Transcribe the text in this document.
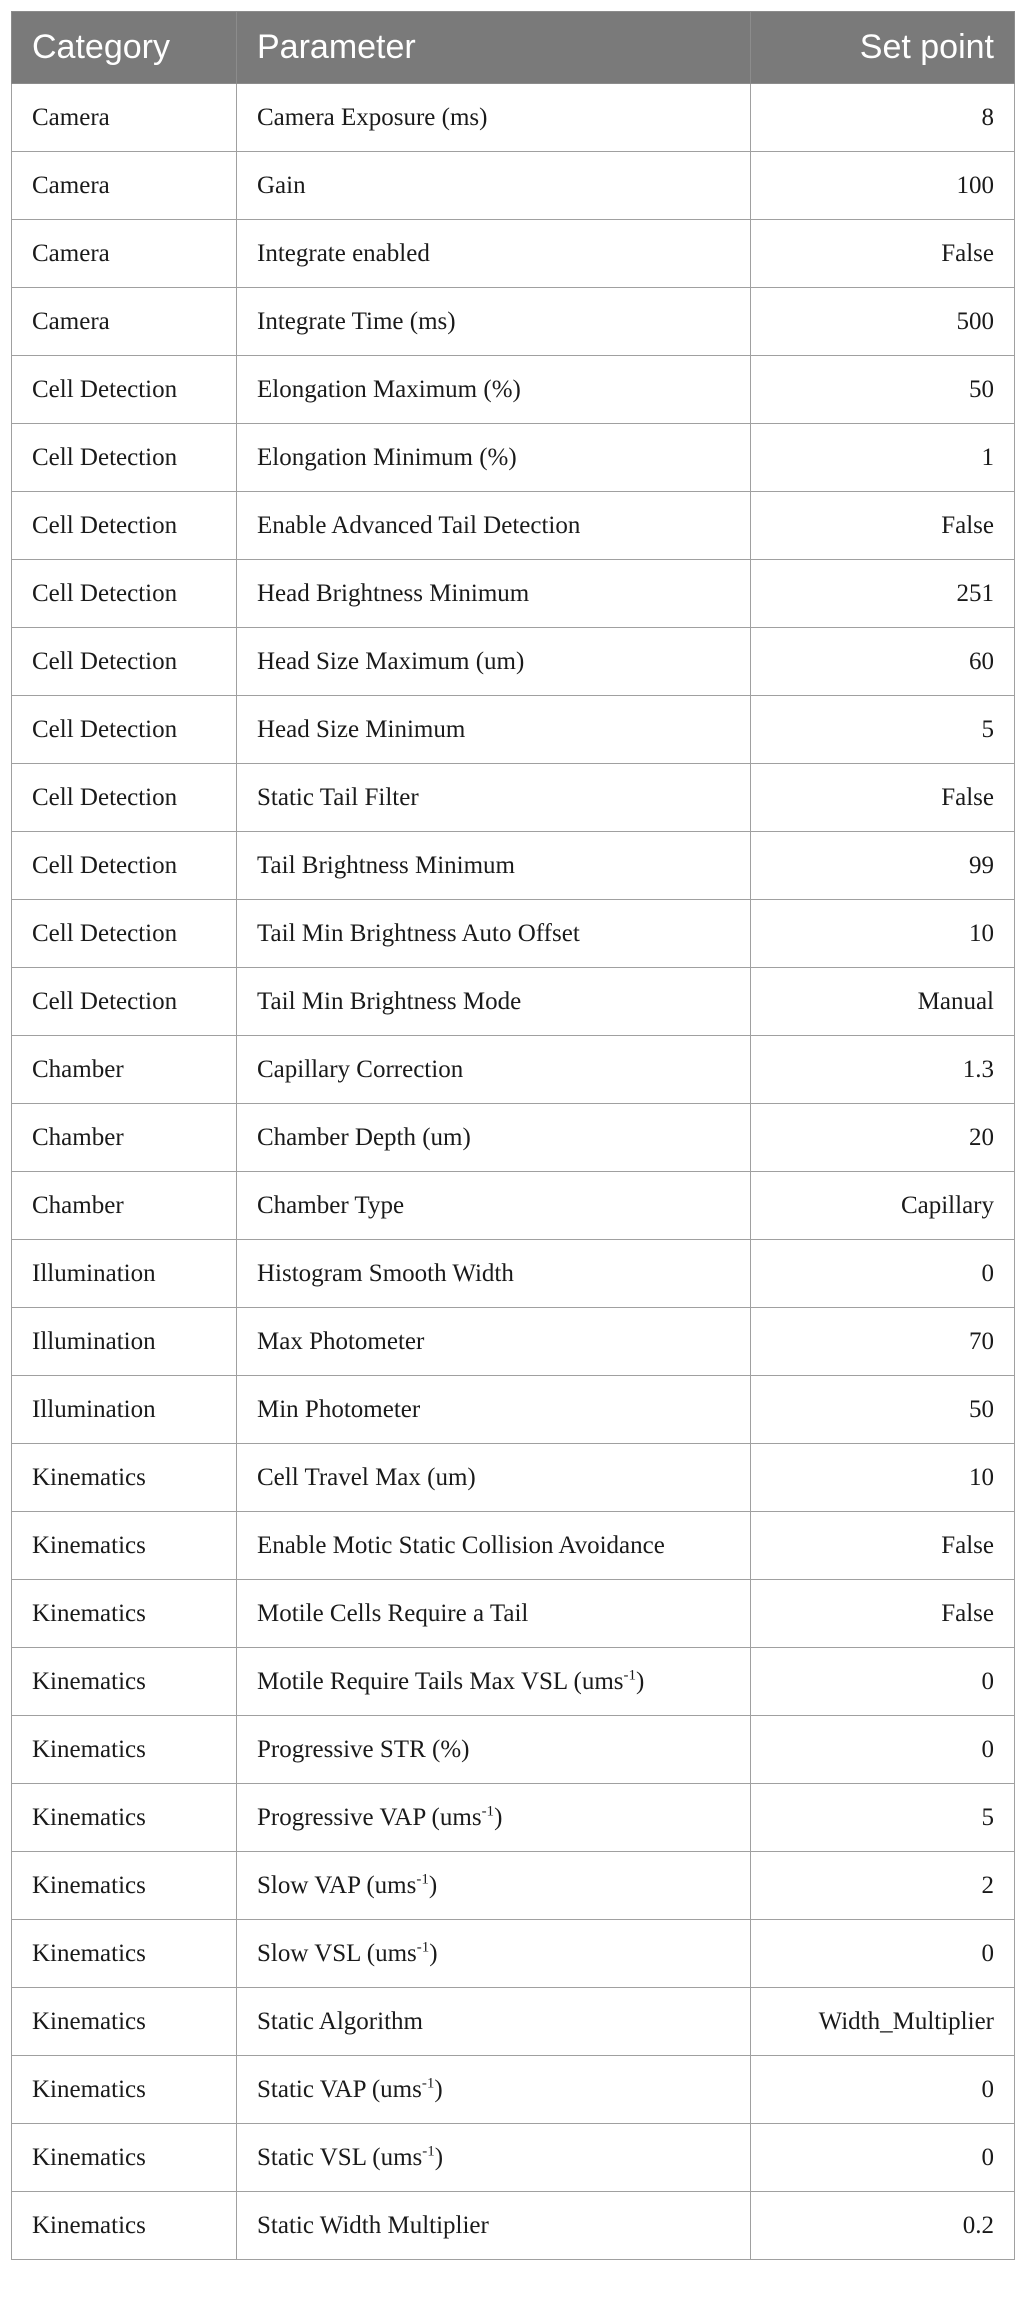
Category	Parameter	Set point
Camera	Camera Exposure (ms)	8
Camera	Gain	100
Camera	Integrate enabled	False
Camera	Integrate Time (ms)	500
Cell Detection	Elongation Maximum (%)	50
Cell Detection	Elongation Minimum (%)	1
Cell Detection	Enable Advanced Tail Detection	False
Cell Detection	Head Brightness Minimum	251
Cell Detection	Head Size Maximum (um)	60
Cell Detection	Head Size Minimum	5
Cell Detection	Static Tail Filter	False
Cell Detection	Tail Brightness Minimum	99
Cell Detection	Tail Min Brightness Auto Offset	10
Cell Detection	Tail Min Brightness Mode	Manual
Chamber	Capillary Correction	1.3
Chamber	Chamber Depth (um)	20
Chamber	Chamber Type	Capillary
Illumination	Histogram Smooth Width	0
Illumination	Max Photometer	70
Illumination	Min Photometer	50
Kinematics	Cell Travel Max (um)	10
Kinematics	Enable Motic Static Collision Avoidance	False
Kinematics	Motile Cells Require a Tail	False
Kinematics	Motile Require Tails Max VSL (ums$^{-1}$)	0
Kinematics	Progressive STR (%)	0
Kinematics	Progressive VAP (ums$^{-1}$)	5
Kinematics	Slow VAP (ums$^{-1}$)	2
Kinematics	Slow VSL (ums$^{-1}$)	0
Kinematics	Static Algorithm	Width_Multiplier
Kinematics	Static VAP (ums$^{-1}$)	0
Kinematics	Static VSL (ums$^{-1}$)	0
Kinematics	Static Width Multiplier	0.2
